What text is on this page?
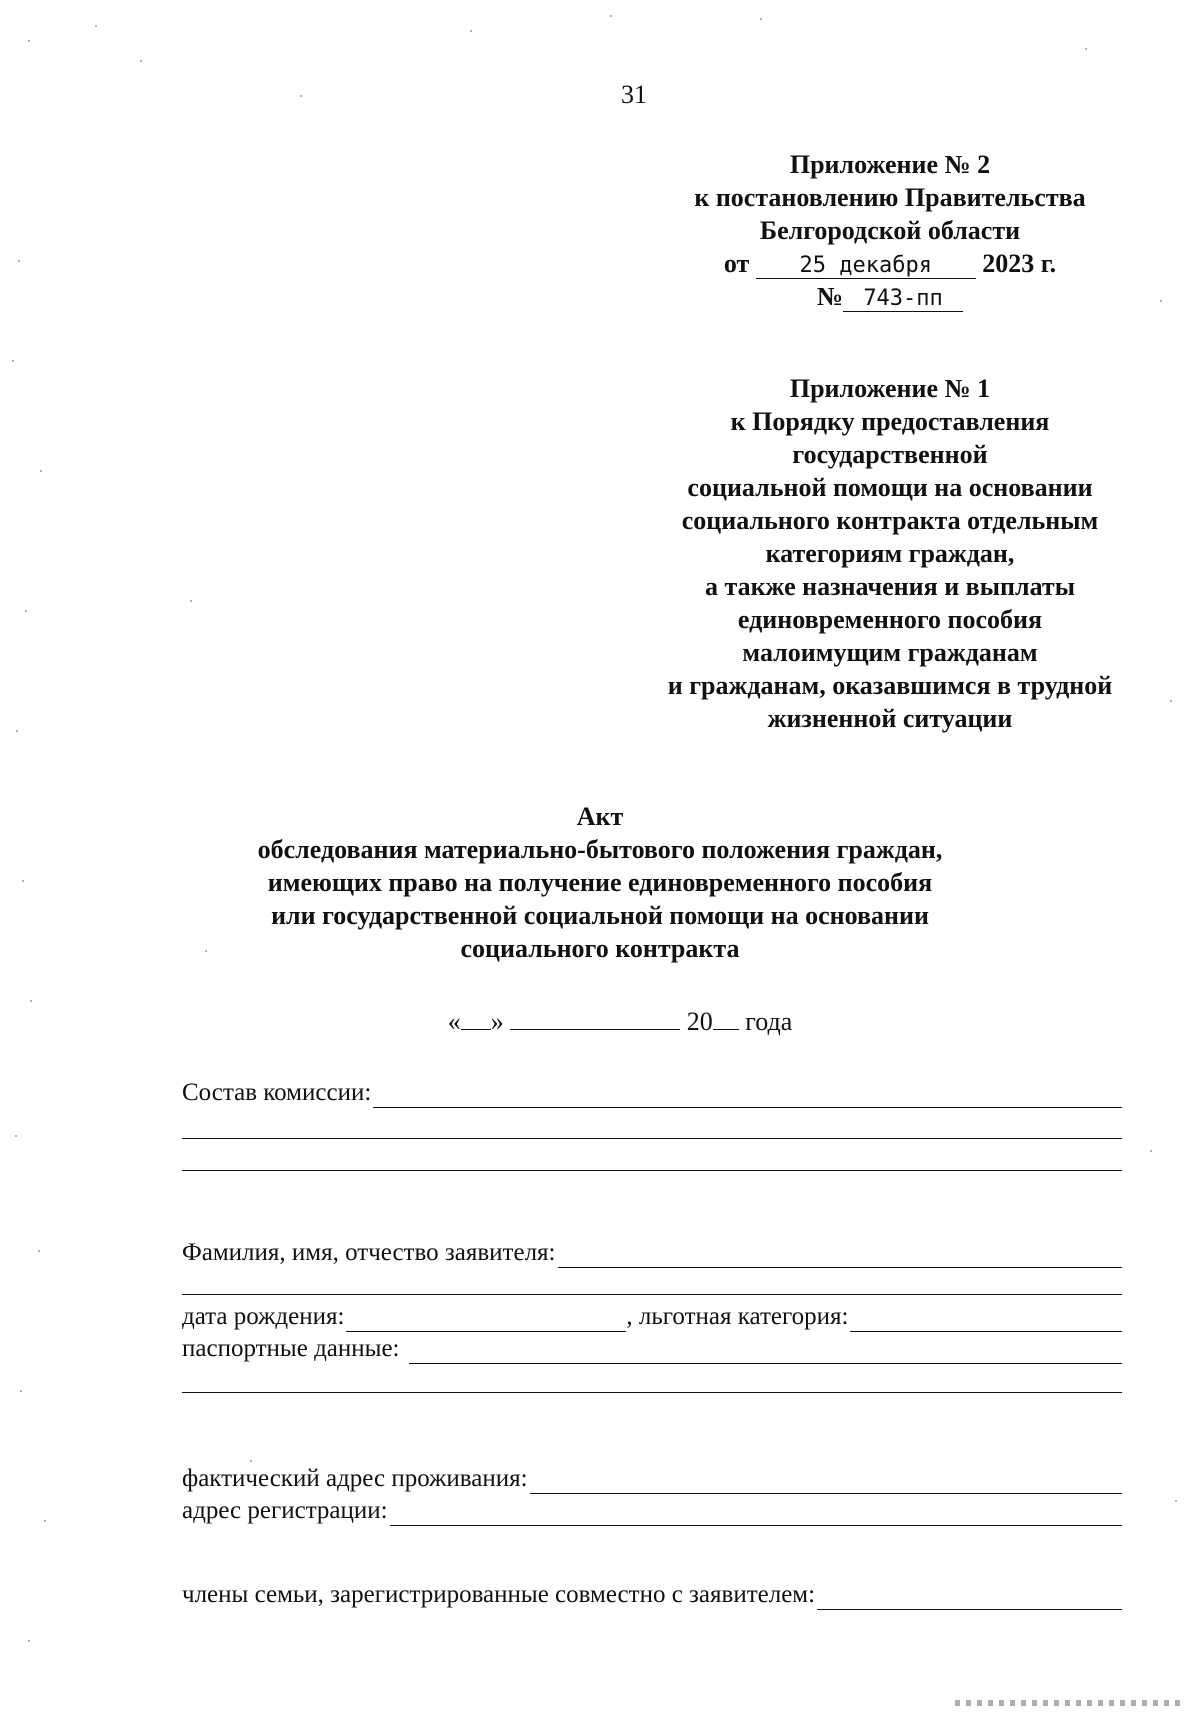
31
Приложение № 2
к постановлению Правительства
Белгородской области
от 25 декабря 2023 г.
№ 743-пп
Приложение № 1
к Порядку предоставления
государственной
социальной помощи на основании
социального контракта отдельным
категориям граждан,
а также назначения и выплаты
единовременного пособия
малоимущим гражданам
и гражданам, оказавшимся в трудной
жизненной ситуации
Акт
обследования материально-бытового положения граждан,
имеющих право на получение единовременного пособия
или государственной социальной помощи на основании
социального контракта
« »	20 года
Состав комиссии:
Фамилия, имя, отчество заявителя:
дата рождения:	, льготная категория:
паспортные данные:
фактический адрес проживания:
адрес регистрации:
члены семьи, зарегистрированные совместно с заявителем:
